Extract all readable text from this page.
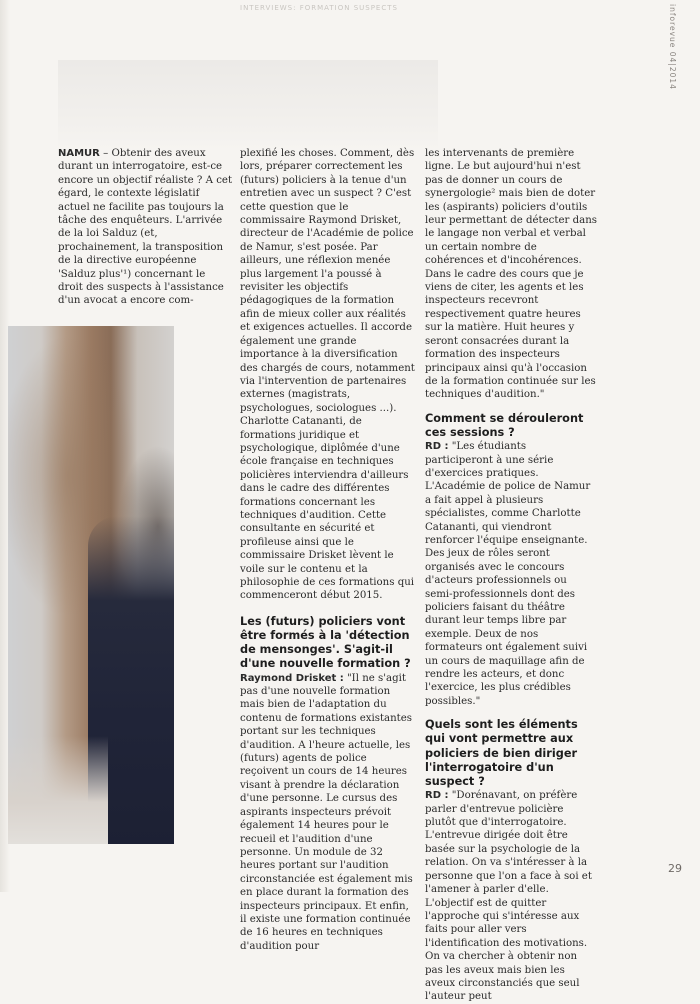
INTERVIEWS: FORMATION SUSPECTS	inforevue 04|2014

NAMUR – Obtenir des aveux durant un interrogatoire, est-ce encore un objectif réaliste ? A cet égard, le contexte législatif actuel ne facilite pas toujours la tâche des enquêteurs. L'arrivée de la loi Salduz (et, prochainement, la transposition de la directive européenne 'Salduz plus'¹) concernant le droit des suspects à l'assistance d'un avocat a encore com-

plexifié les choses. Comment, dès lors, préparer correctement les (futurs) policiers à la tenue d'un entretien avec un suspect ? C'est cette question que le commissaire Raymond Drisket, directeur de l'Académie de police de Namur, s'est posée. Par ailleurs, une réflexion menée plus largement l'a poussé à revisiter les objectifs pédagogiques de la formation afin de mieux coller aux réalités et exigences actuelles. Il accorde également une grande importance à la diversification des chargés de cours, notamment via l'intervention de partenaires externes (magistrats, psychologues, sociologues ...). Charlotte Catananti, de formations juridique et psychologique, diplômée d'une école française en techniques policières interviendra d'ailleurs dans le cadre des différentes formations concernant les techniques d'audition. Cette consultante en sécurité et profileuse ainsi que le commissaire Drisket lèvent le voile sur le contenu et la philosophie de ces formations qui commenceront début 2015.

Les (futurs) policiers vont être formés à la 'détection de mensonges'. S'agit-il d'une nouvelle formation ?

Raymond Drisket : "Il ne s'agit pas d'une nouvelle formation mais bien de l'adaptation du contenu de formations existantes portant sur les techniques d'audition. A l'heure actuelle, les (futurs) agents de police reçoivent un cours de 14 heures visant à prendre la déclaration d'une personne. Le cursus des aspirants inspecteurs prévoit également 14 heures pour le recueil et l'audition d'une personne. Un module de 32 heures portant sur l'audition circonstanciée est également mis en place durant la formation des inspecteurs principaux. Et enfin, il existe une formation continuée de 16 heures en techniques d'audition pour

les intervenants de première ligne. Le but aujourd'hui n'est pas de donner un cours de synergologie² mais bien de doter les (aspirants) policiers d'outils leur permettant de détecter dans le langage non verbal et verbal un certain nombre de cohérences et d'incohérences. Dans le cadre des cours que je viens de citer, les agents et les inspecteurs recevront respectivement quatre heures sur la matière. Huit heures y seront consacrées durant la formation des inspecteurs principaux ainsi qu'à l'occasion de la formation continuée sur les techniques d'audition."

Comment se dérouleront ces sessions ?

RD : "Les étudiants participeront à une série d'exercices pratiques. L'Académie de police de Namur a fait appel à plusieurs spécialistes, comme Charlotte Catananti, qui viendront renforcer l'équipe enseignante. Des jeux de rôles seront organisés avec le concours d'acteurs professionnels ou semi-professionnels dont des policiers faisant du théâtre durant leur temps libre par exemple. Deux de nos formateurs ont également suivi un cours de maquillage afin de rendre les acteurs, et donc l'exercice, les plus crédibles possibles."

Quels sont les éléments qui vont permettre aux policiers de bien diriger l'interrogatoire d'un suspect ?

RD : "Dorénavant, on préfère parler d'entrevue policière plutôt que d'interrogatoire. L'entrevue dirigée doit être basée sur la psychologie de la relation. On va s'intéresser à la personne que l'on a face à soi et l'amener à parler d'elle. L'objectif est de quitter l'approche qui s'intéresse aux faits pour aller vers l'identification des motivations. On va chercher à obtenir non pas les aveux mais bien les aveux circonstanciés que seul l'auteur peut

29
